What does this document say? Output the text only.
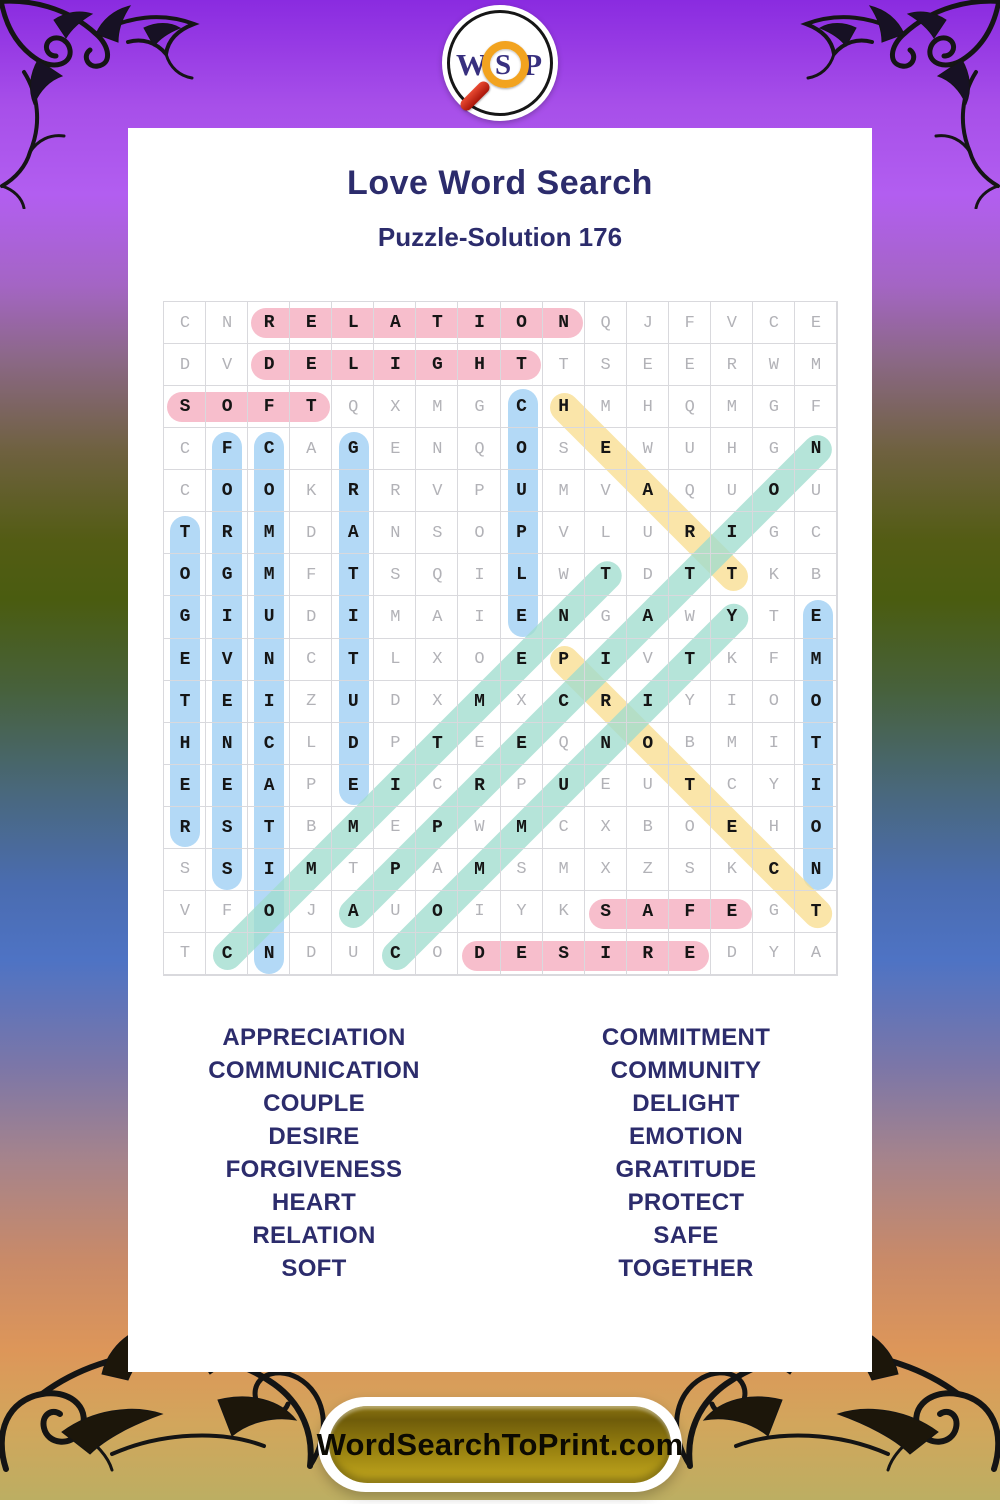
W S P
Love Word Search
Puzzle-Solution 176
C	N	R	E	L	A	T	I	O	N	Q	J	F	V	C	E
D	V	D	E	L	I	G	H	T	T	S	E	E	R	W	M
S	O	F	T	Q	X	M	G	C	H	M	H	Q	M	G	F
C	F	C	A	G	E	N	Q	O	S	E	W	U	H	G	N
C	O	O	K	R	R	V	P	U	M	V	A	Q	U	O	U
T	R	M	D	A	N	S	O	P	V	L	U	R	I	G	C
O	G	M	F	T	S	Q	I	L	W	T	D	T	T	K	B
G	I	U	D	I	M	A	I	E	N	G	A	W	Y	T	E
E	V	N	C	T	L	X	O	E	P	I	V	T	K	F	M
T	E	I	Z	U	D	X	M	X	C	R	I	Y	I	O	O
H	N	C	L	D	P	T	E	E	Q	N	O	B	M	I	T
E	E	A	P	E	I	C	R	P	U	E	U	T	C	Y	I
R	S	T	B	M	E	P	W	M	C	X	B	O	E	H	O
S	S	I	M	T	P	A	M	S	M	X	Z	S	K	C	N
V	F	O	J	A	U	O	I	Y	K	S	A	F	E	G	T
T	C	N	D	U	C	O	D	E	S	I	R	E	D	Y	A
APPRECIATION
COMMUNICATION
COUPLE
DESIRE
FORGIVENESS
HEART
RELATION
SOFT
COMMITMENT
COMMUNITY
DELIGHT
EMOTION
GRATITUDE
PROTECT
SAFE
TOGETHER
WordSearchToPrint.com
